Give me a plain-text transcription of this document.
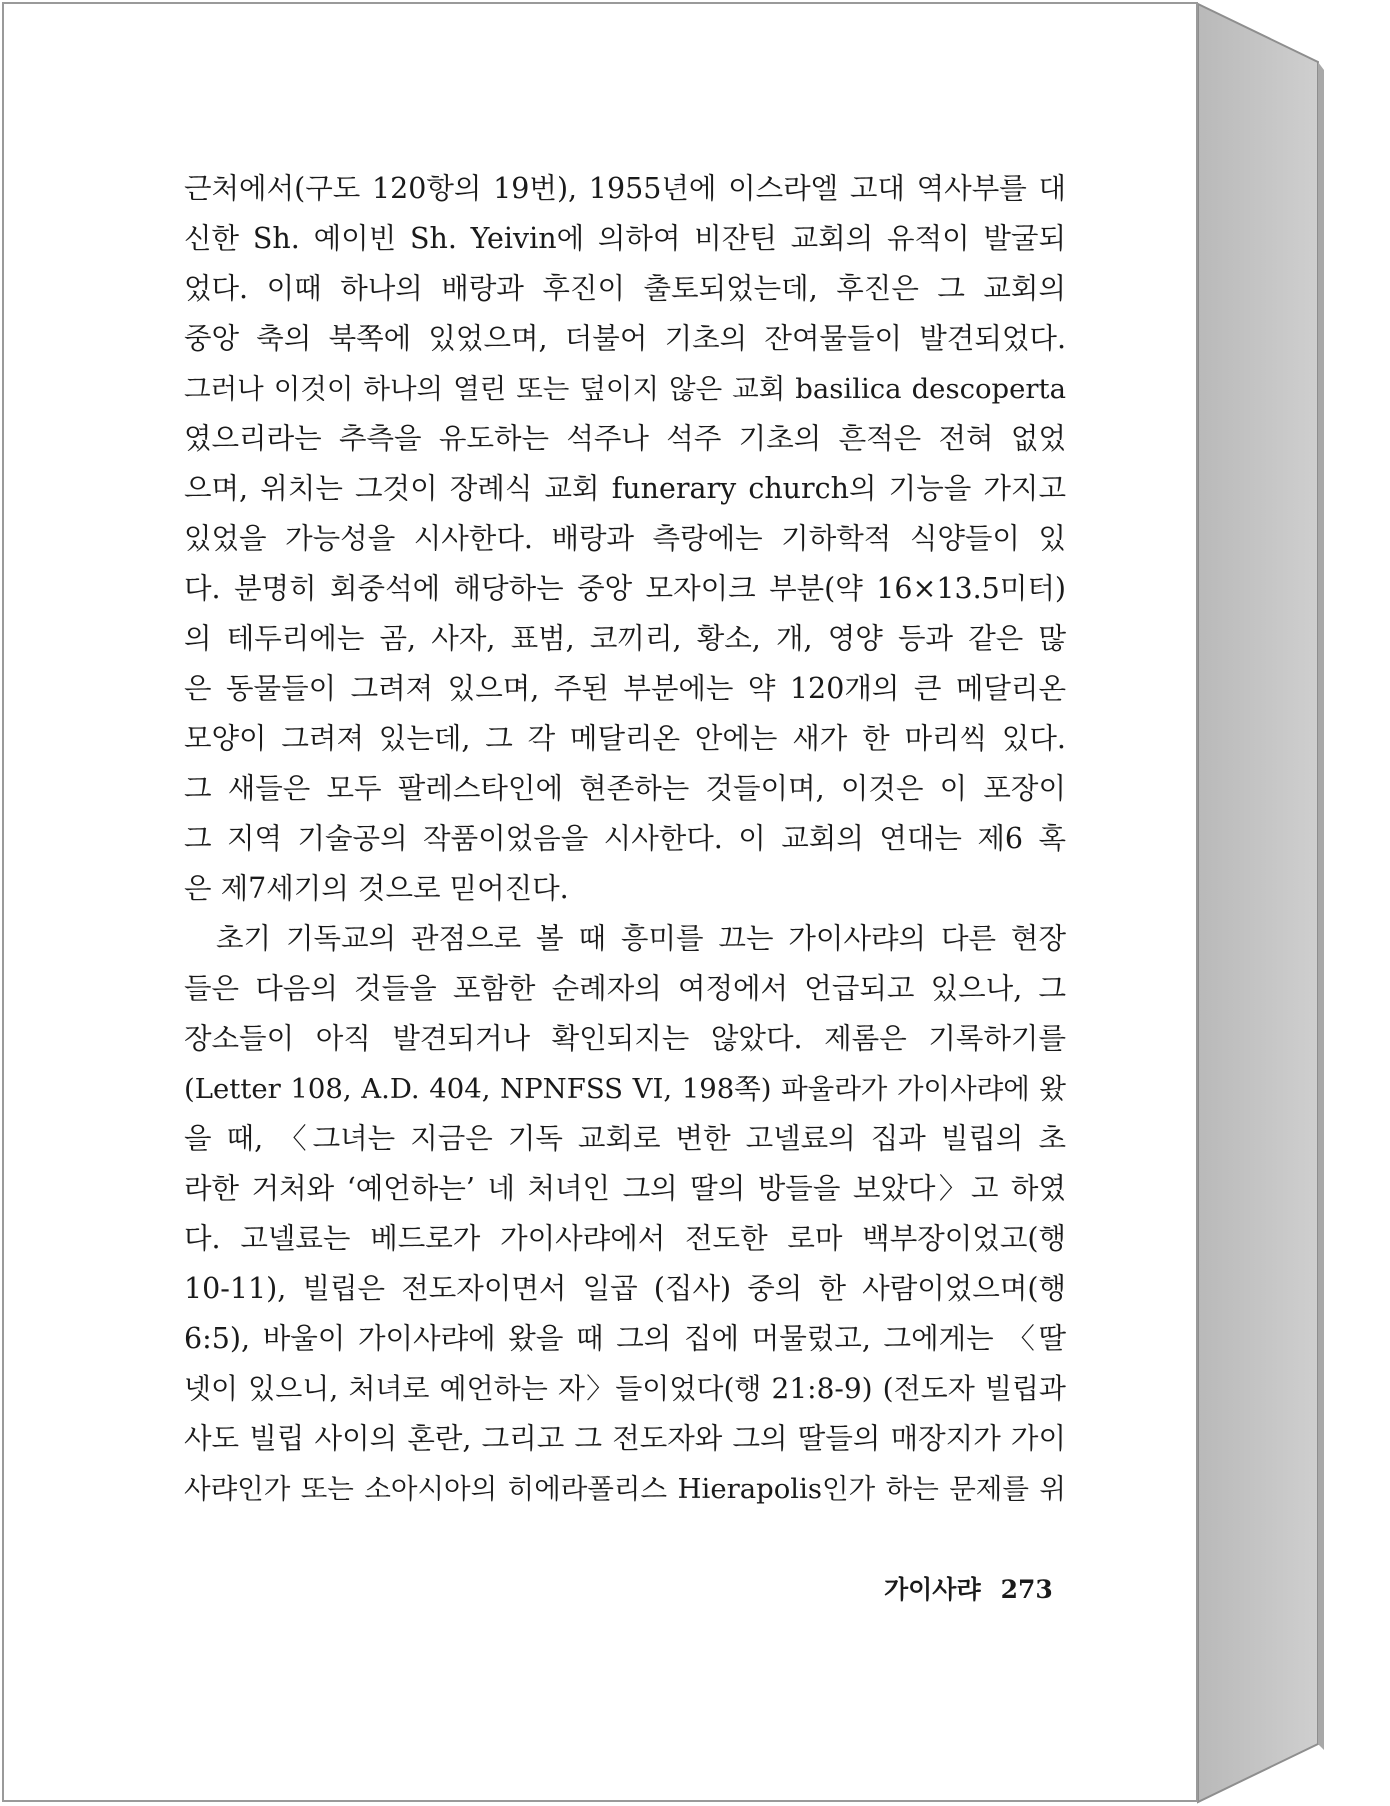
근처에서(구도 120항의 19번), 1955년에 이스라엘 고대 역사부를 대
신한 Sh. 예이빈 Sh. Yeivin에 의하여 비잔틴 교회의 유적이 발굴되
었다. 이때 하나의 배랑과 후진이 출토되었는데, 후진은 그 교회의
중앙 축의 북쪽에 있었으며, 더불어 기초의 잔여물들이 발견되었다.
그러나 이것이 하나의 열린 또는 덮이지 않은 교회 basilica descoperta
였으리라는 추측을 유도하는 석주나 석주 기초의 흔적은 전혀 없었
으며, 위치는 그것이 장례식 교회 funerary church의 기능을 가지고
있었을 가능성을 시사한다. 배랑과 측랑에는 기하학적 식양들이 있
다. 분명히 회중석에 해당하는 중앙 모자이크 부분(약 16×13.5미터)
의 테두리에는 곰, 사자, 표범, 코끼리, 황소, 개, 영양 등과 같은 많
은 동물들이 그려져 있으며, 주된 부분에는 약 120개의 큰 메달리온
모양이 그려져 있는데, 그 각 메달리온 안에는 새가 한 마리씩 있다.
그 새들은 모두 팔레스타인에 현존하는 것들이며, 이것은 이 포장이
그 지역 기술공의 작품이었음을 시사한다. 이 교회의 연대는 제6 혹
은 제7세기의 것으로 믿어진다.
초기 기독교의 관점으로 볼 때 흥미를 끄는 가이사랴의 다른 현장
들은 다음의 것들을 포함한 순례자의 여정에서 언급되고 있으나, 그
장소들이 아직 발견되거나 확인되지는 않았다. 제롬은 기록하기를
(Letter 108, A.D. 404, NPNFSS VI, 198쪽) 파울라가 가이사랴에 왔
을 때, 〈그녀는 지금은 기독 교회로 변한 고넬료의 집과 빌립의 초
라한 거처와 ‘예언하는’ 네 처녀인 그의 딸의 방들을 보았다〉고 하였
다. 고넬료는 베드로가 가이사랴에서 전도한 로마 백부장이었고(행
10-11), 빌립은 전도자이면서 일곱 (집사) 중의 한 사람이었으며(행
6:5), 바울이 가이사랴에 왔을 때 그의 집에 머물렀고, 그에게는 〈딸
넷이 있으니, 처녀로 예언하는 자〉들이었다(행 21:8-9) (전도자 빌립과
사도 빌립 사이의 혼란, 그리고 그 전도자와 그의 딸들의 매장지가 가이
사랴인가 또는 소아시아의 히에라폴리스 Hierapolis인가 하는 문제를 위
가이사랴 273
